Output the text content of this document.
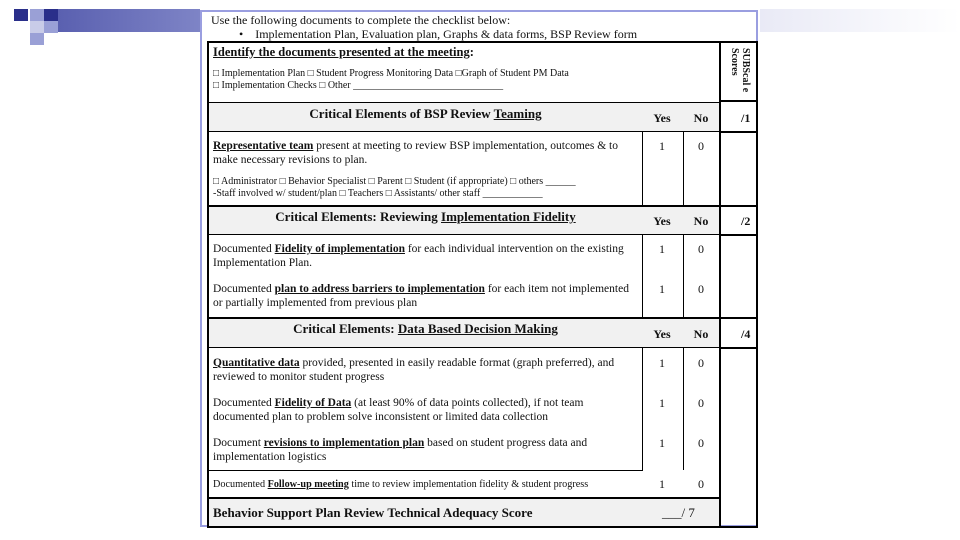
Use the following documents to complete the checklist below:
•    Implementation Plan, Evaluation plan, Graphs & data forms, BSP Review form
Identify the documents presented at the meeting:
□ Implementation Plan □ Student Progress Monitoring Data □Graph of Student PM Data
□ Implementation Checks □ Other ______________________________	SUBScal e Scores
Critical Elements of BSP Review Teaming	Yes	No	/1
Representative team present at meeting to review BSP implementation, outcomes & to make necessary revisions to plan.
1	0
□ Administrator □ Behavior Specialist □ Parent □ Student (if appropriate) □ others ______
-Staff involved w/ student/plan □ Teachers □ Assistants/ other staff ____________
Critical Elements: Reviewing Implementation Fidelity	Yes	No	/2
Documented Fidelity of implementation for each individual intervention on the existing Implementation Plan.
1	0
Documented plan to address barriers to implementation for each item not implemented or partially implemented from previous plan
1	0
Critical Elements: Data Based Decision Making	Yes	No	/4
Quantitative data provided, presented in easily readable format (graph preferred), and reviewed to monitor student progress
1	0
Documented Fidelity of Data (at least 90% of data points collected), if not team documented plan to problem solve inconsistent or limited data collection
1	0
Document revisions to implementation plan based on student progress data and implementation logistics
1	0
Documented Follow-up meeting time to review implementation fidelity & student progress	1	0
Behavior Support Plan Review Technical Adequacy Score	___/ 7
